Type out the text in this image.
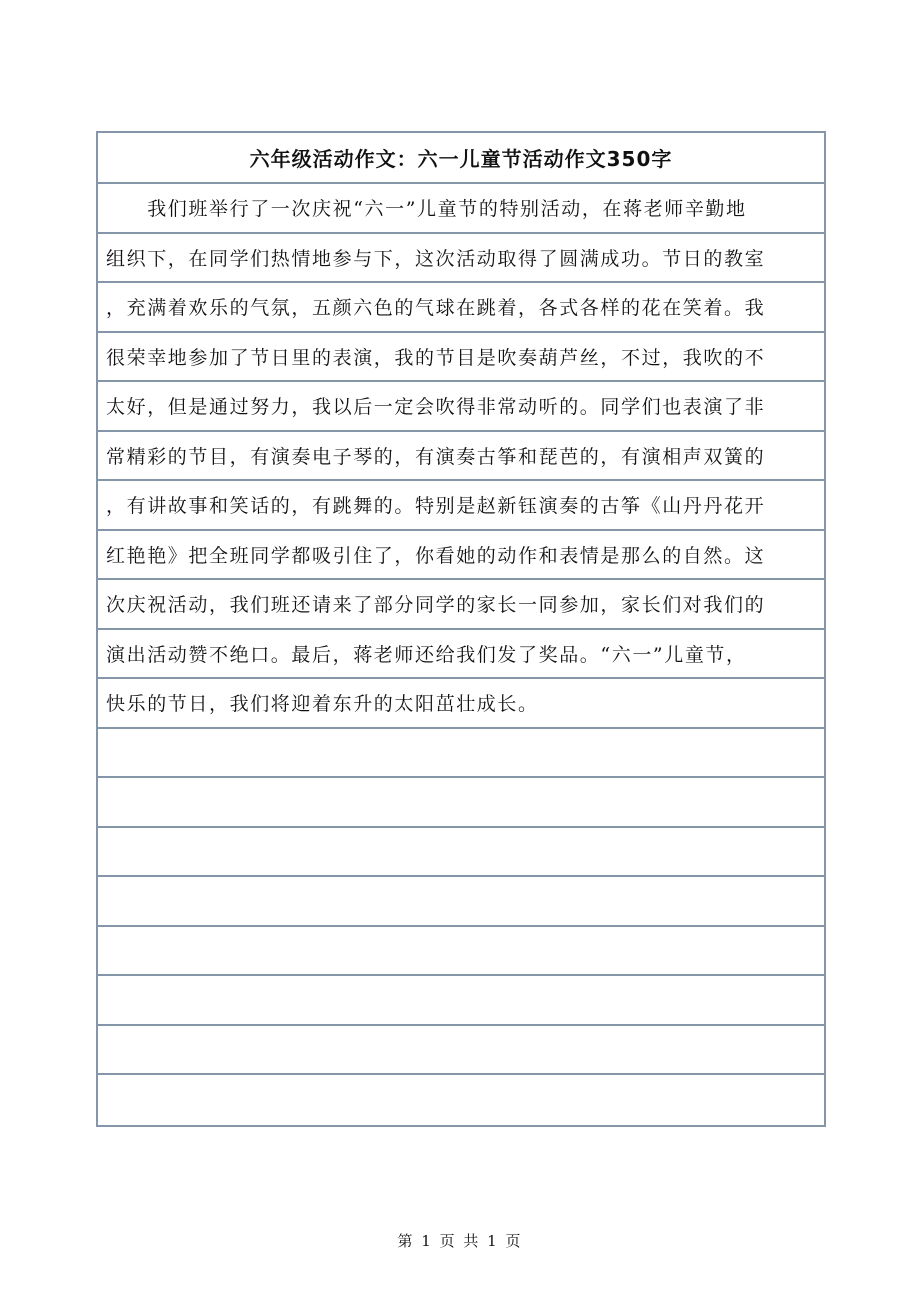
六年级活动作文：六一儿童节活动作文350字
　　我们班举行了一次庆祝“六一”儿童节的特别活动，在蒋老师辛勤地
组织下，在同学们热情地参与下，这次活动取得了圆满成功。节日的教室
，充满着欢乐的气氛，五颜六色的气球在跳着，各式各样的花在笑着。我
很荣幸地参加了节日里的表演，我的节目是吹奏葫芦丝，不过，我吹的不
太好，但是通过努力，我以后一定会吹得非常动听的。同学们也表演了非
常精彩的节目，有演奏电子琴的，有演奏古筝和琵芭的，有演相声双簧的
，有讲故事和笑话的，有跳舞的。特别是赵新钰演奏的古筝《山丹丹花开
红艳艳》把全班同学都吸引住了，你看她的动作和表情是那么的自然。这
次庆祝活动，我们班还请来了部分同学的家长一同参加，家长们对我们的
演出活动赞不绝口。最后，蒋老师还给我们发了奖品。“六一”儿童节，
快乐的节日，我们将迎着东升的太阳茁壮成长。
第 1 页 共 1 页
